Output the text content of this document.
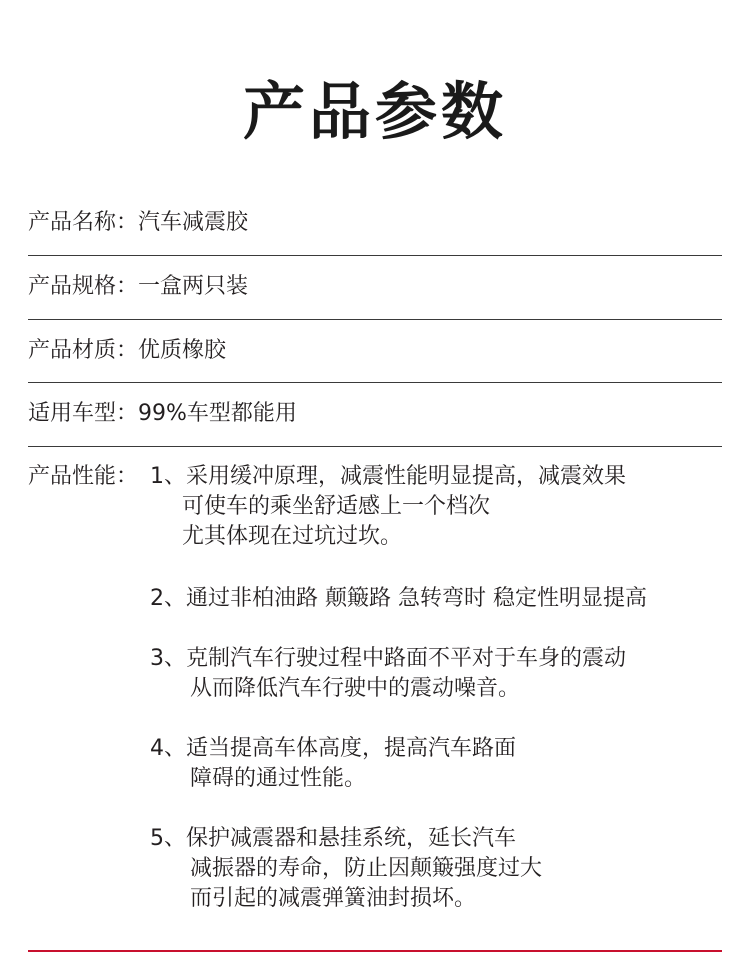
产品参数
产品名称：汽车减震胶
产品规格：一盒两只装
产品材质：优质橡胶
适用车型：99%车型都能用
产品性能： 1、采用缓冲原理，减震性能明显提高，减震效果
可使车的乘坐舒适感上一个档次
尤其体现在过坑过坎。
2、通过非柏油路 颠簸路 急转弯时 稳定性明显提高
3、克制汽车行驶过程中路面不平对于车身的震动
从而降低汽车行驶中的震动噪音。
4、适当提高车体高度，提高汽车路面
障碍的通过性能。
5、保护减震器和悬挂系统，延长汽车
减振器的寿命，防止因颠簸强度过大
而引起的减震弹簧油封损坏。
